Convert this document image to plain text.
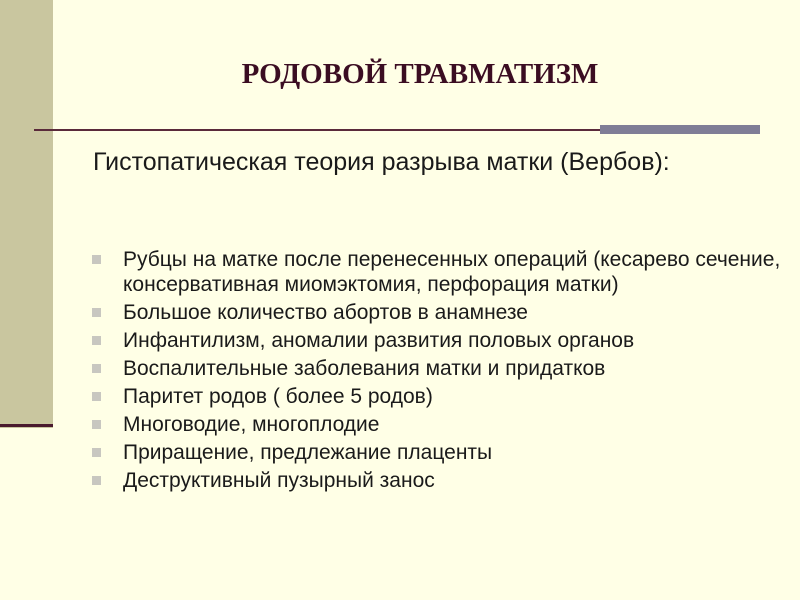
РОДОВОЙ ТРАВМАТИЗМ

Гистопатическая теория разрыва матки (Вербов):

Рубцы на матке после перенесенных операций (кесарево сечение, консервативная миомэктомия, перфорация матки)
Большое количество абортов в анамнезе
Инфантилизм, аномалии развития половых органов
Воспалительные заболевания матки и придатков
Паритет родов ( более 5 родов)
Многоводие, многоплодие
Приращение, предлежание плаценты
Деструктивный пузырный занос
